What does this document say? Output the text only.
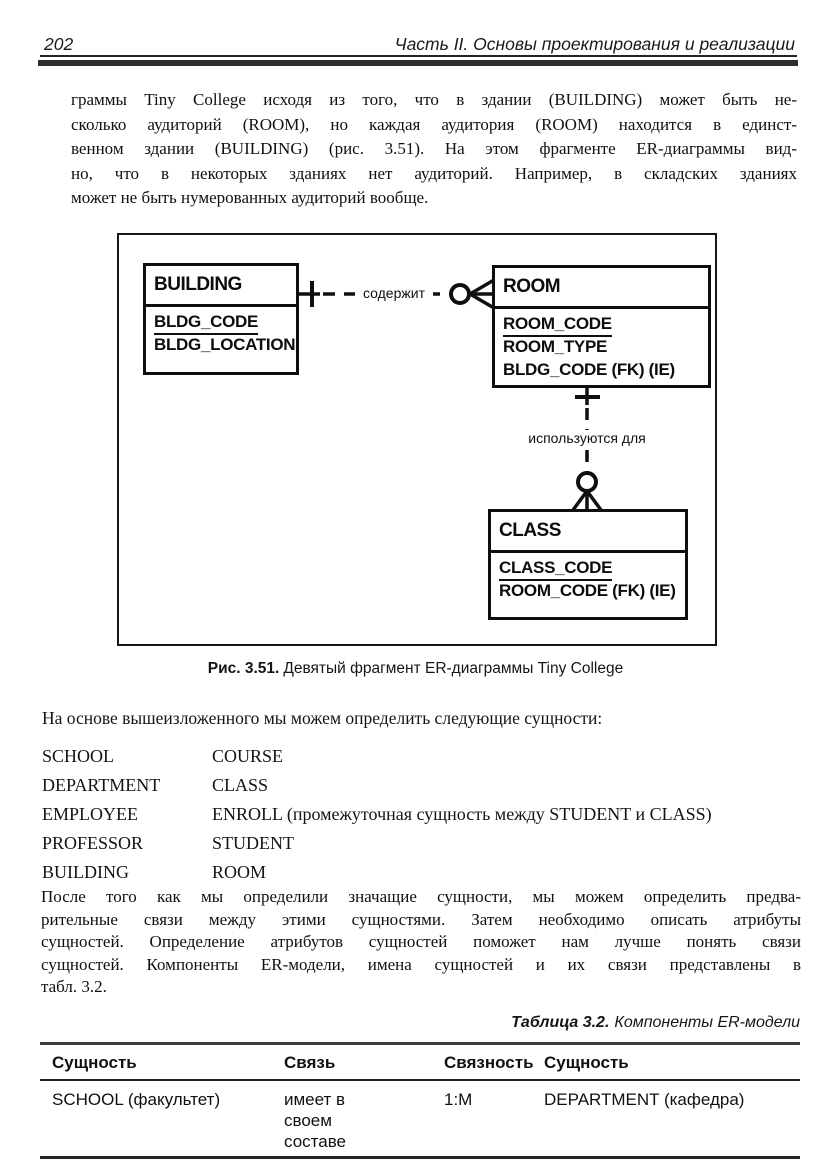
202	Часть II. Основы проектирования и реализации
граммы Tiny College исходя из того, что в здании (BUILDING) может быть не-
сколько аудиторий (ROOM), но каждая аудитория (ROOM) находится в единст-
венном здании (BUILDING) (рис. 3.51). На этом фрагменте ER-диаграммы вид-
но, что в некоторых зданиях нет аудиторий. Например, в складских зданиях
может не быть нумерованных аудиторий вообще.
BUILDING
BLDG_CODE
BLDG_LOCATION
ROOM
ROOM_CODE
ROOM_TYPE
BLDG_CODE (FK) (IE)
CLASS
CLASS_CODE
ROOM_CODE (FK) (IE)
содержит
используются для
Рис. 3.51. Девятый фрагмент ER-диаграммы Tiny College
На основе вышеизложенного мы можем определить следующие сущности:
SCHOOL	COURSE
DEPARTMENT	CLASS
EMPLOYEE	ENROLL (промежуточная сущность между STUDENT и CLASS)
PROFESSOR	STUDENT
BUILDING	ROOM
После того как мы определили значащие сущности, мы можем определить предва-
рительные связи между этими сущностями. Затем необходимо описать атрибуты
сущностей. Определение атрибутов сущностей поможет нам лучше понять связи
сущностей. Компоненты ER-модели, имена сущностей и их связи представлены в
табл. 3.2.
Таблица 3.2. Компоненты ER-модели
Сущность	Связь	Связность	Сущность
SCHOOL (факультет)	имеет в своем составе	1:M	DEPARTMENT (кафедра)
